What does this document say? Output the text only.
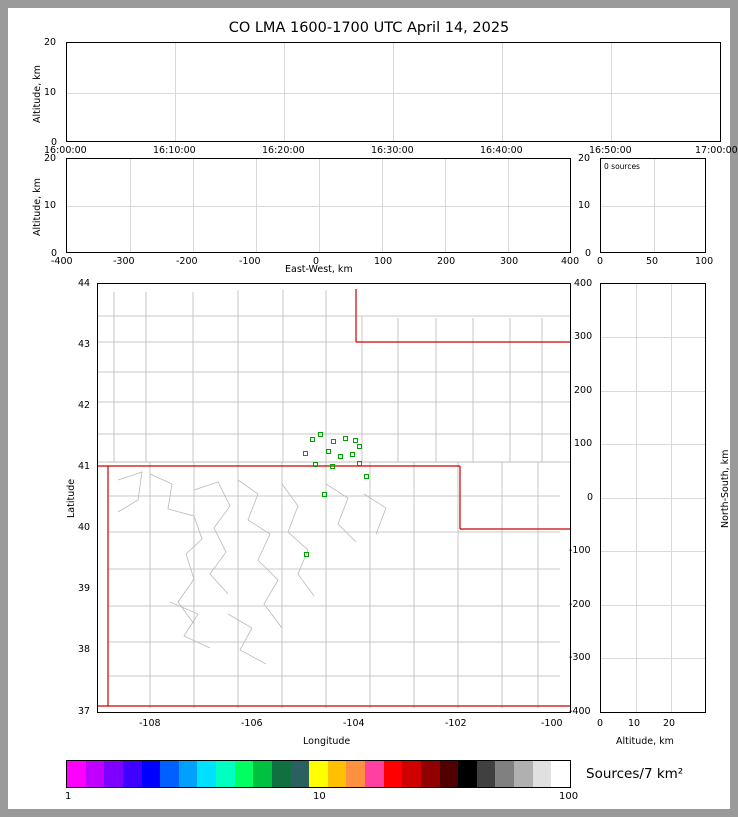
CO LMA 1600-1700 UTC April 14, 2025
20
10
0
16:00:00	16:10:00	16:20:00	16:30:00	16:40:00	16:50:00	17:00:00
Altitude, km
20
10
0
-400	-300	-200	-100	0	100	200	300	400
Altitude, km
East-West, km
0 sources
20
10
0
0	50	100
44
43
42
41
40
39
38
37
-108	-106	-104	-102	-100
Latitude
Longitude
400
300
200
100
0
-100
-200
-300
-400
0	10 20
North-South, km
Altitude, km
1	10	100
Sources/7 km²
